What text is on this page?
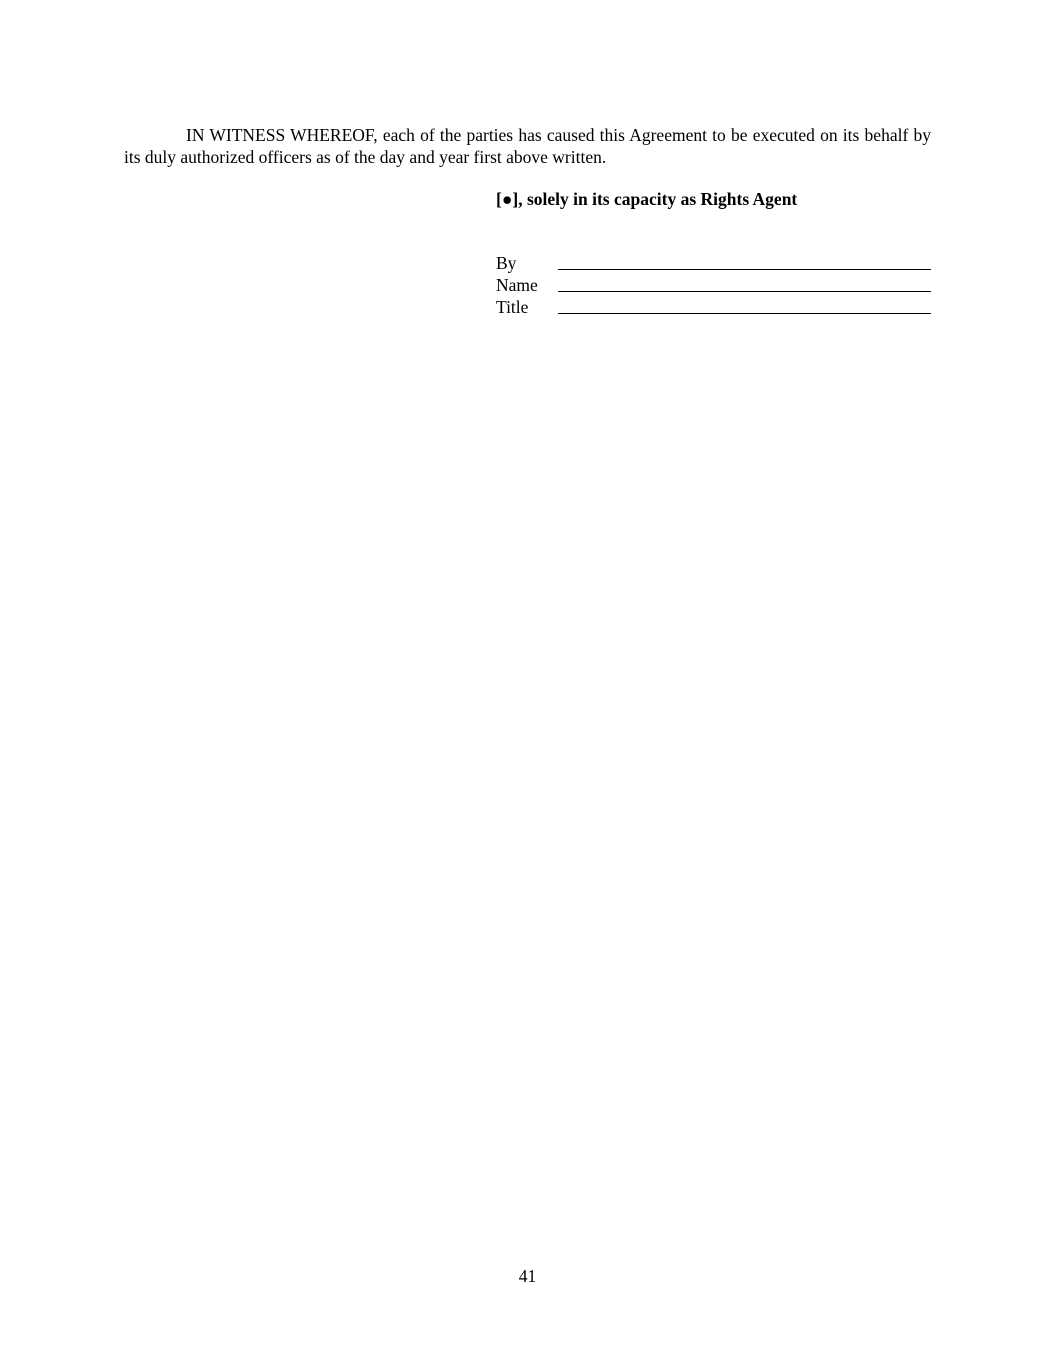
IN WITNESS WHEREOF, each of the parties has caused this Agreement to be executed on its behalf by its duly authorized officers as of the day and year first above written.

[●], solely in its capacity as Rights Agent

By
Name
Title
41
